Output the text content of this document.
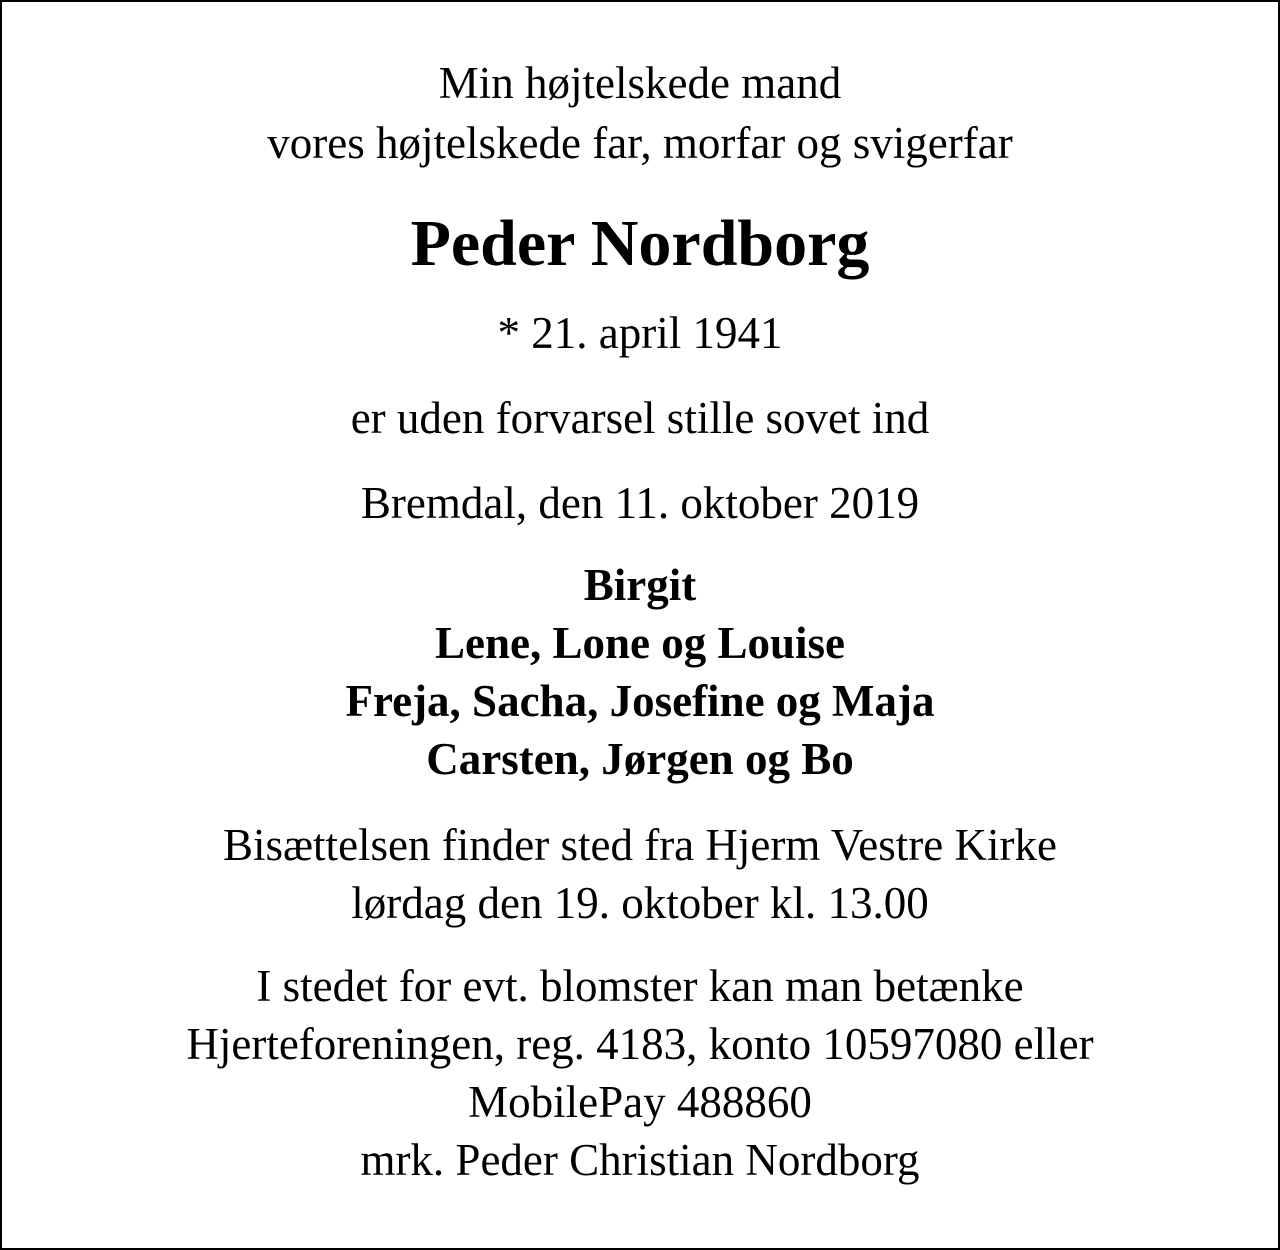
Min højtelskede mand

vores højtelskede far, morfar og svigerfar

Peder Nordborg

* 21. april 1941

er uden forvarsel stille sovet ind

Bremdal, den 11. oktober 2019

Birgit

Lene, Lone og Louise

Freja, Sacha, Josefine og Maja

Carsten, Jørgen og Bo

Bisættelsen finder sted fra Hjerm Vestre Kirke

lørdag den 19. oktober kl. 13.00

I stedet for evt. blomster kan man betænke

Hjerteforeningen, reg. 4183, konto 10597080 eller

MobilePay 488860

mrk. Peder Christian Nordborg
